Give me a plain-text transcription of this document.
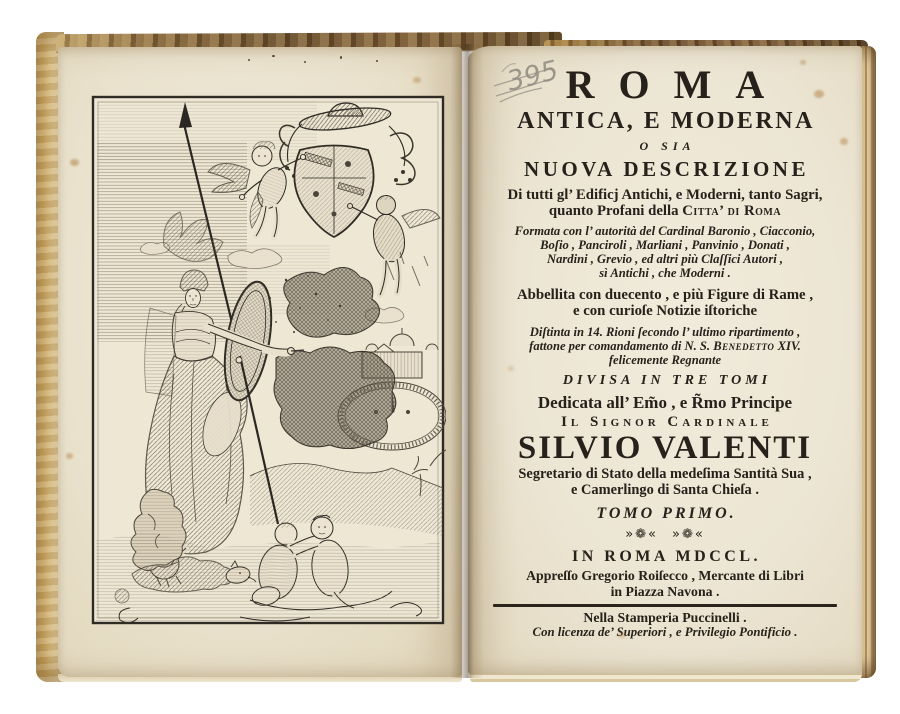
395 ROMA
ANTICA, E MODERNA
O SIA
NUOVA DESCRIZIONE
Di tutti gl’ Edificj Antichi, e Moderni, tanto Sagri,
quanto Profani della Citta’ di Roma
Formata con l’ autorità del Cardinal Baronio , Ciacconio,
Boſio , Panciroli , Marliani , Panvinio , Donati ,
Nardini , Grevio , ed altri più Claſſici Autori ,
sì Antichi , che Moderni .
Abbellita con duecento , e più Figure di Rame ,
e con curioſe Notizie iſtoriche
Diſtinta in 14. Rioni ſecondo l’ ultimo ripartimento ,
fattone per comandamento di N. S. Benedetto XIV.
felicemente Regnante
DIVISA IN TRE TOMI
Dedicata all’ Em̃o , e R̃mo Principe
Il Signor Cardinale
SILVIO VALENTI
Segretario di Stato della medeſima Santità Sua ,
e Camerlingo di Santa Chieſa .
TOMO PRIMO.
»❁« »❁«
IN ROMA MDCCL.
Appreſſo Gregorio Roiſecco , Mercante di Libri
in Piazza Navona .
Nella Stamperia Puccinelli .
Con licenza de’ Superiori , e Privilegio Pontificio .
